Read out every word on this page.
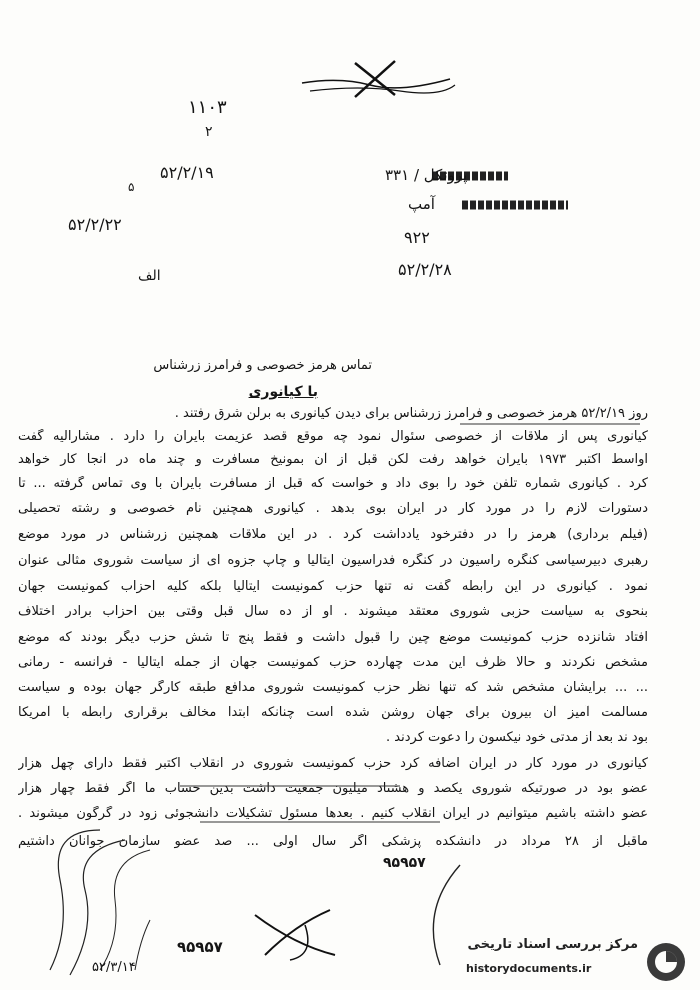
۱۱۰۳
۲
۵۲/۲/۱۹
۵
۵۲/۲/۲۲
الف
پروتکل / ۳۳۱
آمپ
۹۲۲
۵۲/۲/۲۸
تماس هرمز خصوصی و فرامرز زرشناس
با کیانوری
روز ۵۲/۲/۱۹ هرمز خصوصی و فرامرز زرشناس برای دیدن کیانوری به برلن شرق رفتند .
کیانوری پس از ملاقات از خصوصی سئوال نمود چه موقع قصد عزیمت بایران را دارد . مشارالیه گفت
اواسط اکتبر ۱۹۷۳ بایران خواهد رفت لکن قبل از آن بمونیخ مسافرت و چند ماه در آنجا کار خواهد
کرد . کیانوری شماره تلفن خود را بوی داد و خواست که قبل از مسافرت بایران با وی تماس گرفته ... تا
دستورات لازم را در مورد کار در ایران بوی بدهد . کیانوری همچنین نام خصوصی و رشته تحصیلی
(فیلم برداری) هرمز را در دفترخود یادداشت کرد . در این ملاقات همچنین زرشناس در مورد موضع
رهبری دبیرسیاسی کنگره راسیون در کنگره فدراسیون ایتالیا و چاپ جزوه ای از سیاست شوروی مثالی عنوان
نمود . کیانوری در این رابطه گفت نه تنها حزب کمونیست ایتالیا بلکه کلیه احزاب کمونیست جهان
بنحوی به سیاست حزبی شوروی معتقد میشوند . او از ده سال قبل وقتی بین احزاب برادر اختلاف
افتاد شانزده حزب کمونیست موضع چین را قبول داشت و فقط پنج تا شش حزب دیگر بودند که موضع
مشخص نکردند و حالا ظرف این مدت چهارده حزب کمونیست جهان از جمله ایتالیا - فرانسه - رمانی
... ... برایشان مشخص شد که تنها نظر حزب کمونیست شوروی مدافع طبقه کارگر جهان بوده و سیاست
مسالمت آمیز آن بیرون برای جهان روشن شده است چنانکه ابتدا مخالف برقراری رابطه با آمریکا
بود ند بعد از مدتی خود نیکسون را دعوت کردند .
کیانوری در مورد کار در ایران اضافه کرد حزب کمونیست شوروی در انقلاب اکتبر فقط دارای چهل هزار
عضو بود در صورتیکه شوروی یکصد و هشتاد میلیون جمعیت داشت بدین حساب ما اگر فقط چهار هزار
عضو داشته باشیم میتوانیم در ایران انقلاب کنیم . بعدها مسئول تشکیلات دانشجوئی زود در گرگون میشوند .
ماقبل از ۲۸ مرداد در دانشکده پزشکی اگر سال اولی ... صد عضو سازمان جوانان داشتیم
۹۵۹۵۷
۹۵۹۵۷
۵۲/۳/۱۴
مرکز بررسی اسناد تاریخی
historydocuments.ir
